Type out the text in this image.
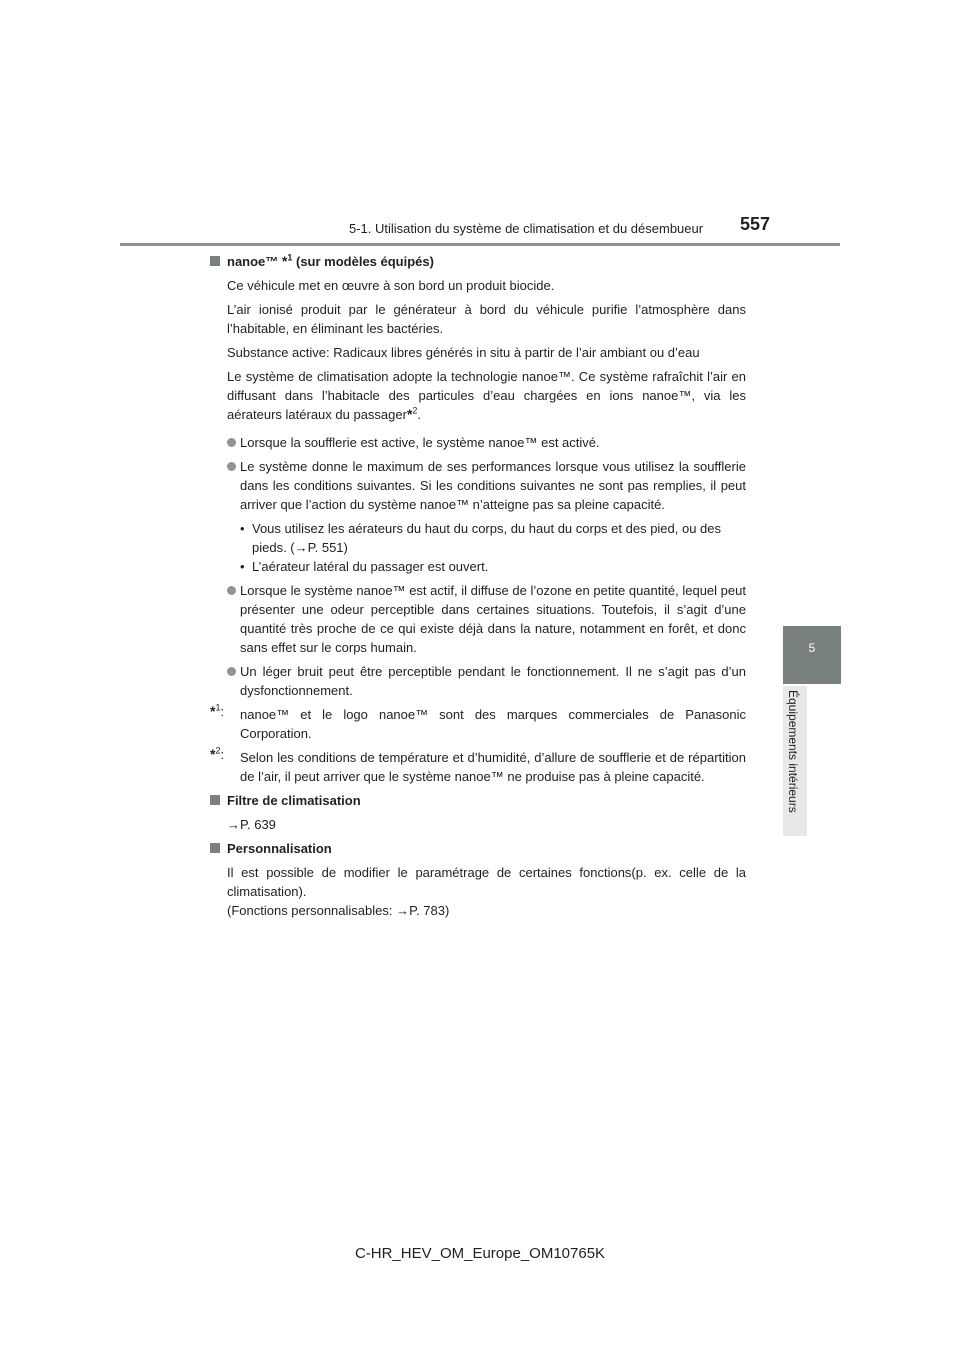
5-1. Utilisation du système de climatisation et du désembueur 557
5
Équipements intérieurs
nanoe™ *$^1$ (sur modèles équipés)
Ce véhicule met en œuvre à son bord un produit biocide.
L’air ionisé produit par le générateur à bord du véhicule purifie l’atmosphère dans l’habitable, en éliminant les bactéries.
Substance active: Radicaux libres générés in situ à partir de l’air ambiant ou d’eau
Le système de climatisation adopte la technologie nanoe™. Ce système rafraîchit l’air en diffusant dans l’habitacle des particules d’eau chargées en ions nanoe™, via les aérateurs latéraux du passager*$^2$.
Lorsque la soufflerie est active, le système nanoe™ est activé.
Le système donne le maximum de ses performances lorsque vous utilisez la soufflerie dans les conditions suivantes. Si les conditions suivantes ne sont pas remplies, il peut arriver que l’action du système nanoe™ n’atteigne pas sa pleine capacité.
• Vous utilisez les aérateurs du haut du corps, du haut du corps et des pied, ou des pieds. (→P. 551)
• L’aérateur latéral du passager est ouvert.
Lorsque le système nanoe™ est actif, il diffuse de l’ozone en petite quantité, lequel peut présenter une odeur perceptible dans certaines situations. Toutefois, il s’agit d’une quantité très proche de ce qui existe déjà dans la nature, notamment en forêt, et donc sans effet sur le corps humain.
Un léger bruit peut être perceptible pendant le fonctionnement. Il ne s’agit pas d’un dysfonctionnement.
*$^1$: nanoe™ et le logo nanoe™ sont des marques commerciales de Panasonic Corporation.
*$^2$: Selon les conditions de température et d’humidité, d’allure de soufflerie et de répartition de l’air, il peut arriver que le système nanoe™ ne produise pas à pleine capacité.
Filtre de climatisation
→P. 639
Personnalisation
Il est possible de modifier le paramétrage de certaines fonctions(p. ex. celle de la climatisation).
(Fonctions personnalisables: →P. 783)
C-HR_HEV_OM_Europe_OM10765K
